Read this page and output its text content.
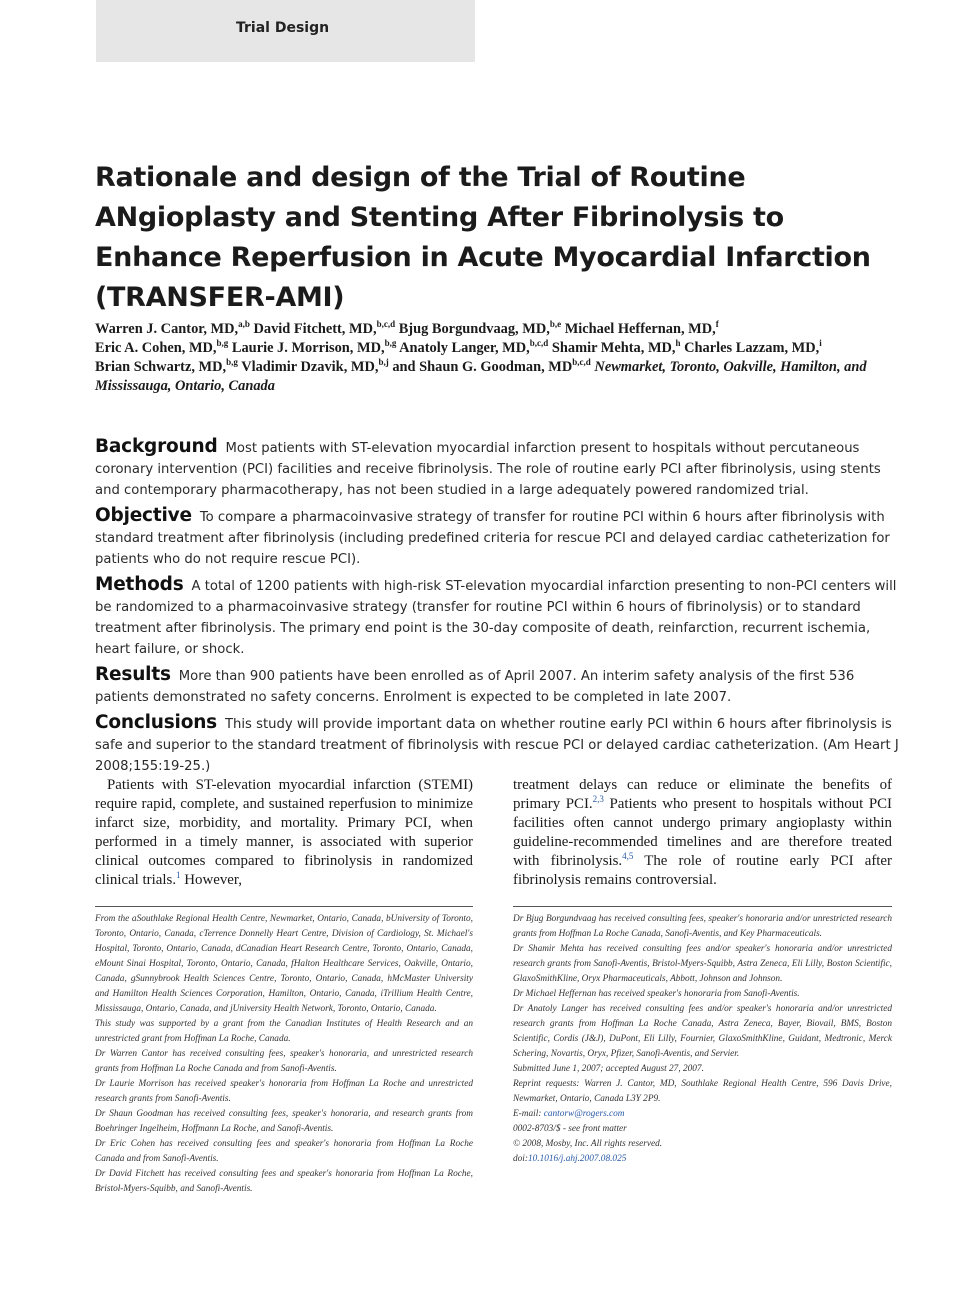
Trial Design
Rationale and design of the Trial of Routine ANgioplasty and Stenting After Fibrinolysis to Enhance Reperfusion in Acute Myocardial Infarction (TRANSFER-AMI)
Warren J. Cantor, MD,$^{a,b}$ David Fitchett, MD,$^{b,c,d}$ Bjug Borgundvaag, MD,$^{b,e}$ Michael Heffernan, MD,$^f$
Eric A. Cohen, MD,$^{b,g}$ Laurie J. Morrison, MD,$^{b,g}$ Anatoly Langer, MD,$^{b,c,d}$ Shamir Mehta, MD,$^h$ Charles Lazzam, MD,$^i$
Brian Schwartz, MD,$^{b,g}$ Vladimir Dzavik, MD,$^{b,j}$ and Shaun G. Goodman, MD$^{b,c,d}$ Newmarket, Toronto, Oakville, Hamilton, and Mississauga, Ontario, Canada

Background Most patients with ST-elevation myocardial infarction present to hospitals without percutaneous coronary intervention (PCI) facilities and receive fibrinolysis. The role of routine early PCI after fibrinolysis, using stents and contemporary pharmacotherapy, has not been studied in a large adequately powered randomized trial.

Objective To compare a pharmacoinvasive strategy of transfer for routine PCI within 6 hours after fibrinolysis with standard treatment after fibrinolysis (including predefined criteria for rescue PCI and delayed cardiac catheterization for patients who do not require rescue PCI).

Methods A total of 1200 patients with high-risk ST-elevation myocardial infarction presenting to non-PCI centers will be randomized to a pharmacoinvasive strategy (transfer for routine PCI within 6 hours of fibrinolysis) or to standard treatment after fibrinolysis. The primary end point is the 30-day composite of death, reinfarction, recurrent ischemia, heart failure, or shock.

Results More than 900 patients have been enrolled as of April 2007. An interim safety analysis of the first 536 patients demonstrated no safety concerns. Enrolment is expected to be completed in late 2007.

Conclusions This study will provide important data on whether routine early PCI within 6 hours after fibrinolysis is safe and superior to the standard treatment of fibrinolysis with rescue PCI or delayed cardiac catheterization. (Am Heart J 2008;155:19-25.)

Patients with ST-elevation myocardial infarction (STEMI) require rapid, complete, and sustained reperfusion to minimize infarct size, morbidity, and mortality. Primary PCI, when performed in a timely manner, is associated with superior clinical outcomes compared to fibrinolysis in randomized clinical trials.$^1$ However,
treatment delays can reduce or eliminate the benefits of primary PCI.$^{2,3}$ Patients who present to hospitals without PCI facilities often cannot undergo primary angioplasty within guideline-recommended timelines and are therefore treated with fibrinolysis.$^{4,5}$ The role of routine early PCI after fibrinolysis remains controversial.

From the aSouthlake Regional Health Centre, Newmarket, Ontario, Canada, bUniversity of Toronto, Toronto, Ontario, Canada, cTerrence Donnelly Heart Centre, Division of Cardiology, St. Michael's Hospital, Toronto, Ontario, Canada, dCanadian Heart Research Centre, Toronto, Ontario, Canada, eMount Sinai Hospital, Toronto, Ontario, Canada, fHalton Healthcare Services, Oakville, Ontario, Canada, gSunnybrook Health Sciences Centre, Toronto, Ontario, Canada, hMcMaster University and Hamilton Health Sciences Corporation, Hamilton, Ontario, Canada, iTrillium Health Centre, Mississauga, Ontario, Canada, and jUniversity Health Network, Toronto, Ontario, Canada.

This study was supported by a grant from the Canadian Institutes of Health Research and an unrestricted grant from Hoffman La Roche, Canada.

Dr Warren Cantor has received consulting fees, speaker's honoraria, and unrestricted research grants from Hoffman La Roche Canada and from Sanofi-Aventis.

Dr Laurie Morrison has received speaker's honoraria from Hoffman La Roche and unrestricted research grants from Sanofi-Aventis.

Dr Shaun Goodman has received consulting fees, speaker's honoraria, and research grants from Boehringer Ingelheim, Hoffmann La Roche, and Sanofi-Aventis.

Dr Eric Cohen has received consulting fees and speaker's honoraria from Hoffman La Roche Canada and from Sanofi-Aventis.

Dr David Fitchett has received consulting fees and speaker's honoraria from Hoffman La Roche, Bristol-Myers-Squibb, and Sanofi-Aventis.

Dr Bjug Borgundvaag has received consulting fees, speaker's honoraria and/or unrestricted research grants from Hoffman La Roche Canada, Sanofi-Aventis, and Key Pharmaceuticals.

Dr Shamir Mehta has received consulting fees and/or speaker's honoraria and/or unrestricted research grants from Sanofi-Aventis, Bristol-Myers-Squibb, Astra Zeneca, Eli Lilly, Boston Scientific, GlaxoSmithKline, Oryx Pharmaceuticals, Abbott, Johnson and Johnson.

Dr Michael Heffernan has received speaker's honoraria from Sanofi-Aventis.

Dr Anatoly Langer has received consulting fees and/or speaker's honoraria and/or unrestricted research grants from Hoffman La Roche Canada, Astra Zeneca, Bayer, Biovail, BMS, Boston Scientific, Cordis (J&J), DuPont, Eli Lilly, Fournier, GlaxoSmithKline, Guidant, Medtronic, Merck Schering, Novartis, Oryx, Pfizer, Sanofi-Aventis, and Servier.

Submitted June 1, 2007; accepted August 27, 2007.

Reprint requests: Warren J. Cantor, MD, Southlake Regional Health Centre, 596 Davis Drive, Newmarket, Ontario, Canada L3Y 2P9.

E-mail: cantorw@rogers.com

0002-8703/$ - see front matter

© 2008, Mosby, Inc. All rights reserved.

doi:10.1016/j.ahj.2007.08.025
